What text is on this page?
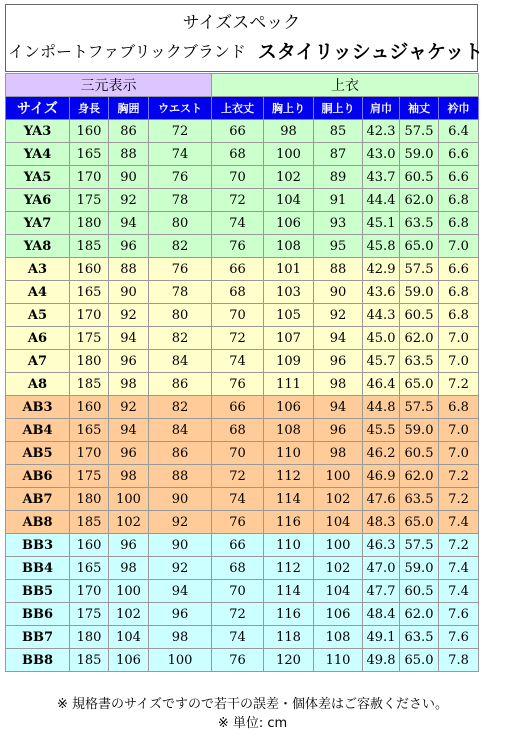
サイズスペック
インポートファブリックブランド スタイリッシュジャケット
三元表示				上衣					
サイズ	身長	胸囲	ウエスト	上衣丈	胸上り	胴上り	肩巾	袖丈	衿巾
YA3	160	86	72	66	98	85	42.3	57.5	6.4
YA4	165	88	74	68	100	87	43.0	59.0	6.6
YA5	170	90	76	70	102	89	43.7	60.5	6.6
YA6	175	92	78	72	104	91	44.4	62.0	6.8
YA7	180	94	80	74	106	93	45.1	63.5	6.8
YA8	185	96	82	76	108	95	45.8	65.0	7.0
A3	160	88	76	66	101	88	42.9	57.5	6.6
A4	165	90	78	68	103	90	43.6	59.0	6.8
A5	170	92	80	70	105	92	44.3	60.5	6.8
A6	175	94	82	72	107	94	45.0	62.0	7.0
A7	180	96	84	74	109	96	45.7	63.5	7.0
A8	185	98	86	76	111	98	46.4	65.0	7.2
AB3	160	92	82	66	106	94	44.8	57.5	6.8
AB4	165	94	84	68	108	96	45.5	59.0	7.0
AB5	170	96	86	70	110	98	46.2	60.5	7.0
AB6	175	98	88	72	112	100	46.9	62.0	7.2
AB7	180	100	90	74	114	102	47.6	63.5	7.2
AB8	185	102	92	76	116	104	48.3	65.0	7.4
BB3	160	96	90	66	110	100	46.3	57.5	7.2
BB4	165	98	92	68	112	102	47.0	59.0	7.4
BB5	170	100	94	70	114	104	47.7	60.5	7.4
BB6	175	102	96	72	116	106	48.4	62.0	7.6
BB7	180	104	98	74	118	108	49.1	63.5	7.6
BB8	185	106	100	76	120	110	49.8	65.0	7.8
※ 規格書のサイズですので若干の誤差・個体差はご容赦ください。
※ 単位: cm
